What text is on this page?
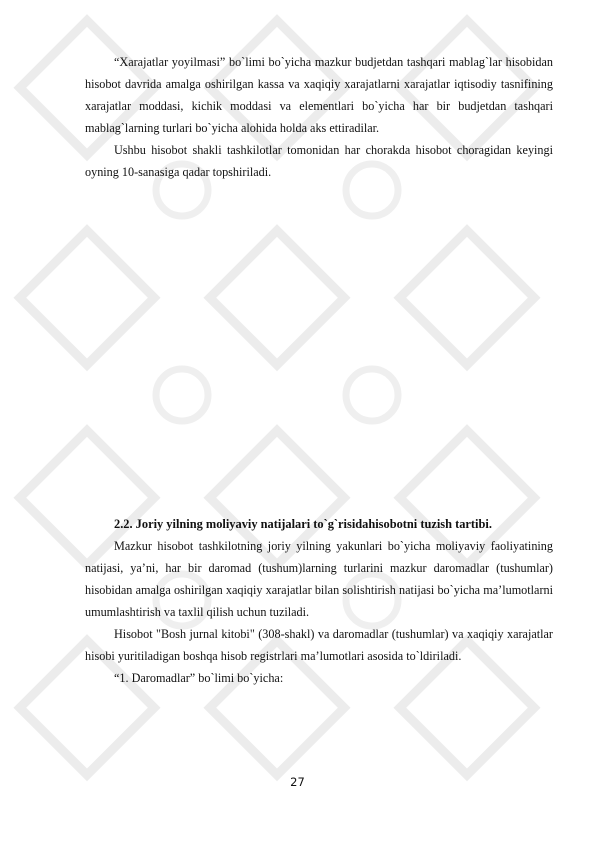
“Xarajatlar yoyilmasi” bo`limi bo`yicha mazkur budjetdan tashqari mablag`lar hisobidan hisobot davrida amalga oshirilgan kassa va xaqiqiy xarajatlarni xarajatlar iqtisodiy tasnifining xarajatlar moddasi, kichik moddasi va elementlari bo`yicha har bir budjetdan tashqari mablag`larning turlari bo`yicha alohida holda aks ettiradilar.

Ushbu hisobot shakli tashkilotlar tomonidan har chorakda hisobot choragidan keyingi oyning 10-sanasiga qadar topshiriladi.

2.2. Joriy yilning moliyaviy natijalari to`g`risidahisobotni tuzish tartibi.

Mazkur hisobot tashkilotning joriy yilning yakunlari bo`yicha moliyaviy faoliyatining natijasi, ya’ni, har bir daromad (tushum)larning turlarini mazkur daromadlar (tushumlar) hisobidan amalga oshirilgan xaqiqiy xarajatlar bilan solishtirish natijasi bo`yicha ma’lumotlarni umumlashtirish va taxlil qilish uchun tuziladi.

Hisobot "Bosh jurnal kitobi" (308-shakl) va daromadlar (tushumlar) va xaqiqiy xarajatlar hisobi yuritiladigan boshqa hisob registrlari ma’lumotlari asosida to`ldiriladi.

“1. Daromadlar” bo`limi bo`yicha:

27
